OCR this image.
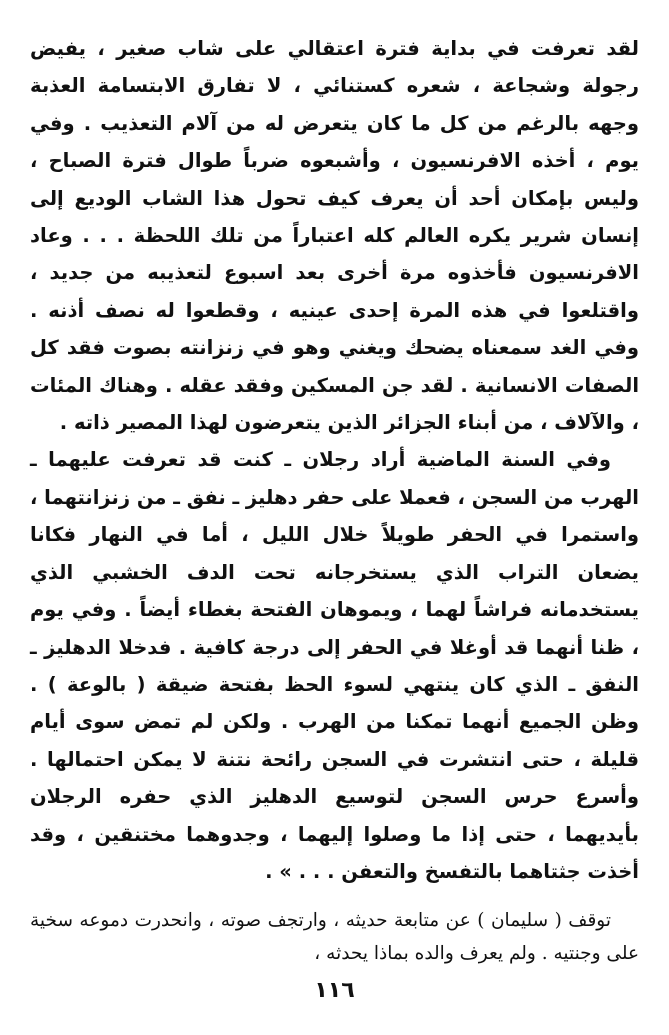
لقد تعرفت في بداية فترة اعتقالي على شاب صغير ، يفيض رجولة وشجاعة ، شعره كستنائي ، لا تفارق الابتسامة العذبة وجهه بالرغم من كل ما كان يتعرض له من آلام التعذيب . وفي يوم ، أخذه الافرنسيون ، وأشبعوه ضرباً طوال فترة الصباح ، وليس بإمكان أحد أن يعرف كيف تحول هذا الشاب الوديع إلى إنسان شرير يكره العالم كله اعتباراً من تلك اللحظة . . . وعاد الافرنسيون فأخذوه مرة أخرى بعد اسبوع لتعذيبه من جديد ، واقتلعوا في هذه المرة إحدى عينيه ، وقطعوا له نصف أذنه . وفي الغد سمعناه يضحك ويغني وهو في زنزانته بصوت فقد كل الصفات الانسانية . لقد جن المسكين وفقد عقله . وهناك المئات ، والآلاف ، من أبناء الجزائر الذين يتعرضون لهذا المصير ذاته .

وفي السنة الماضية أراد رجلان ـ كنت قد تعرفت عليهما ـ الهرب من السجن ، فعملا على حفر دهليز ـ نفق ـ من زنزانتهما ، واستمرا في الحفر طويلاً خلال الليل ، أما في النهار فكانا يضعان التراب الذي يستخرجانه تحت الدف الخشبي الذي يستخدمانه فراشاً لهما ، ويموهان الفتحة بغطاء أيضاً . وفي يوم ، ظنا أنهما قد أوغلا في الحفر إلى درجة كافية . فدخلا الدهليز ـ النفق ـ الذي كان ينتهي لسوء الحظ بفتحة ضيقة ( بالوعة ) . وظن الجميع أنهما تمكنا من الهرب . ولكن لم تمض سوى أيام قليلة ، حتى انتشرت في السجن رائحة نتنة لا يمكن احتمالها . وأسرع حرس السجن لتوسيع الدهليز الذي حفره الرجلان بأيديهما ، حتى إذا ما وصلوا إليهما ، وجدوهما مختنقين ، وقد أخذت جثتاهما بالتفسخ والتعفن . . . » .

توقف ( سليمان ) عن متابعة حديثه ، وارتجف صوته ، وانحدرت دموعه سخية على وجنتيه . ولم يعرف والده بماذا يحدثه ،

١١٦
